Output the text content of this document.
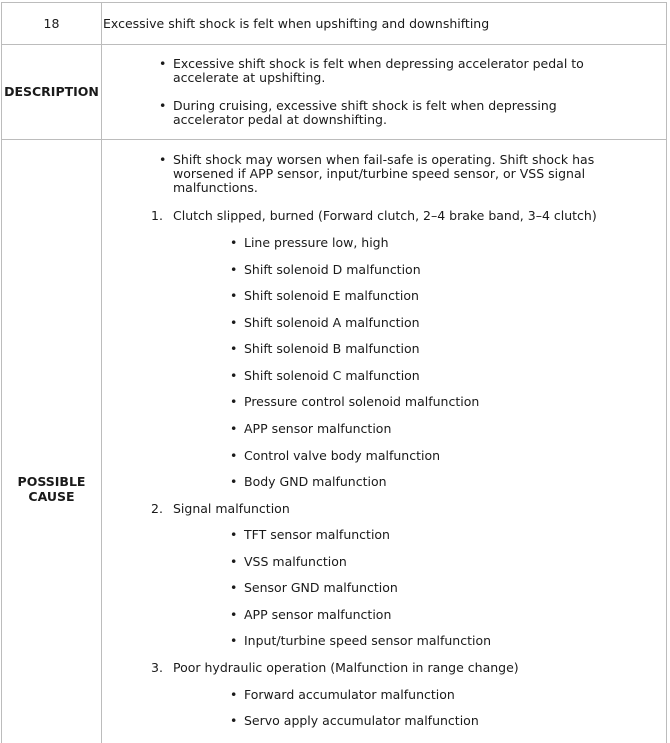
18	Excessive shift shock is felt when upshifting and downshifting
DESCRIPTION
• Excessive shift shock is felt when depressing accelerator pedal to
accelerate at upshifting.
• During cruising, excessive shift shock is felt when depressing
accelerator pedal at downshifting.
POSSIBLE
CAUSE
• Shift shock may worsen when fail-safe is operating. Shift shock has
worsened if APP sensor, input/turbine speed sensor, or VSS signal
malfunctions.
1. Clutch slipped, burned (Forward clutch, 2–4 brake band, 3–4 clutch)
• Line pressure low, high
• Shift solenoid D malfunction
• Shift solenoid E malfunction
• Shift solenoid A malfunction
• Shift solenoid B malfunction
• Shift solenoid C malfunction
• Pressure control solenoid malfunction
• APP sensor malfunction
• Control valve body malfunction
• Body GND malfunction
2. Signal malfunction
• TFT sensor malfunction
• VSS malfunction
• Sensor GND malfunction
• APP sensor malfunction
• Input/turbine speed sensor malfunction
3. Poor hydraulic operation (Malfunction in range change)
• Forward accumulator malfunction
• Servo apply accumulator malfunction
